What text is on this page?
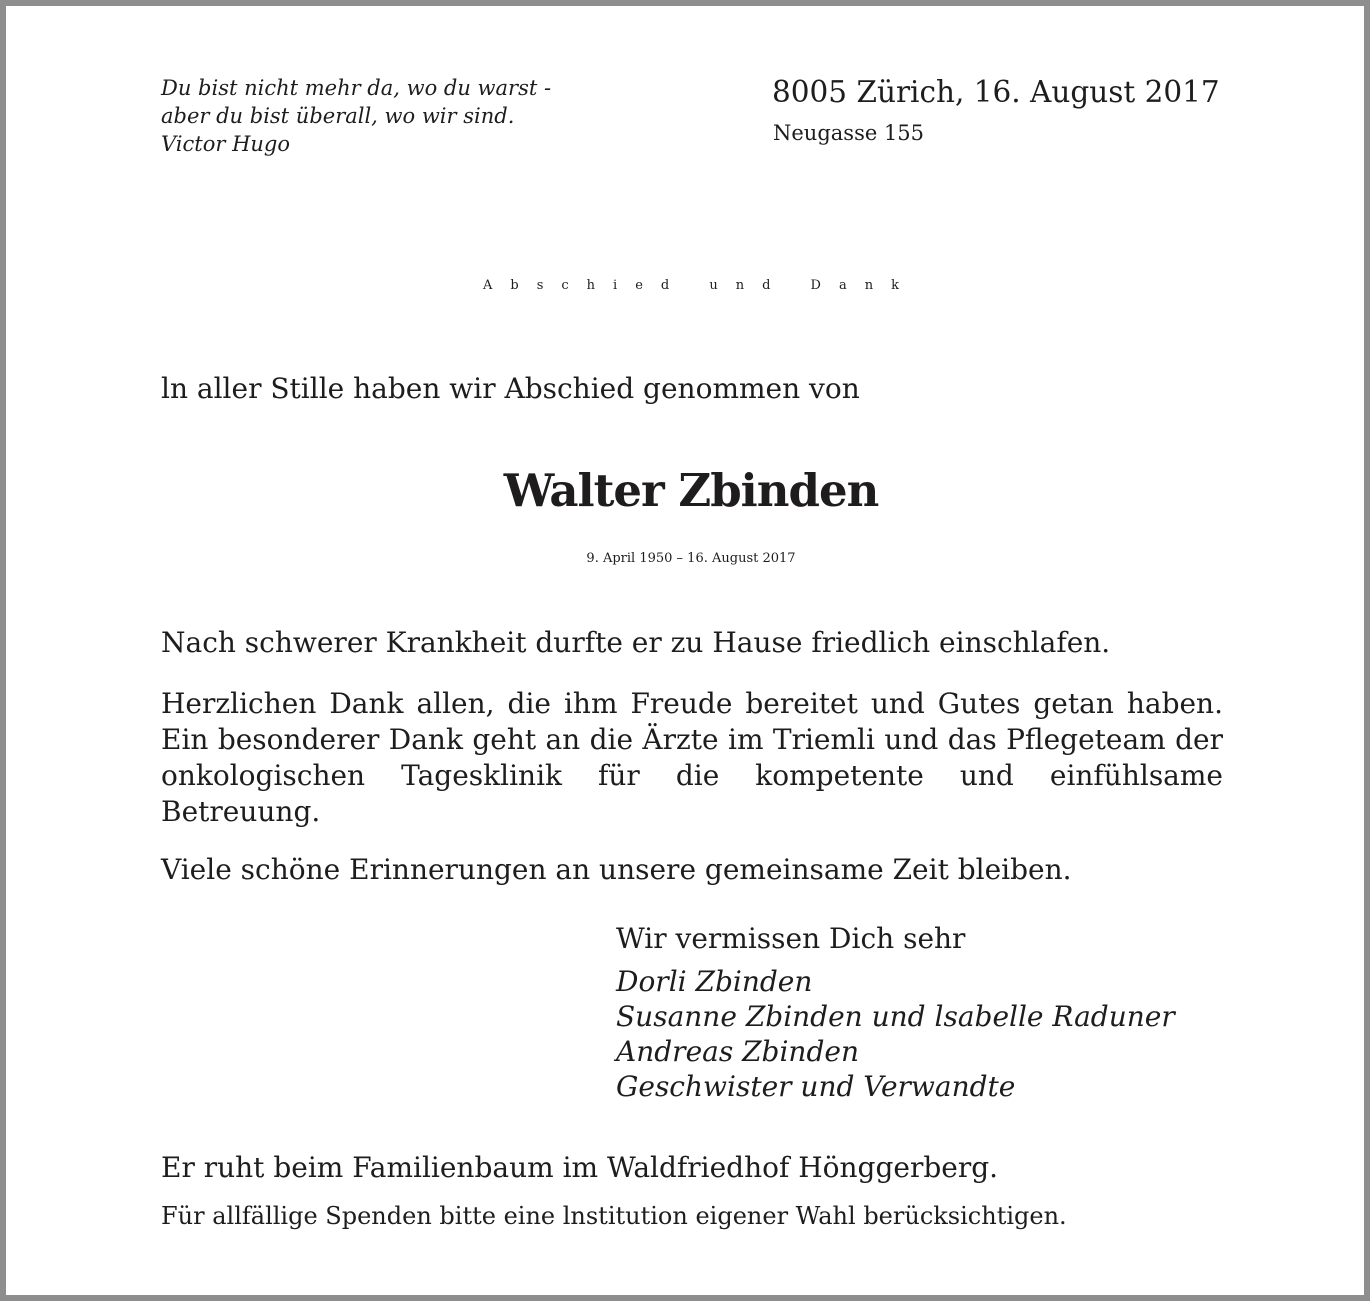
Du bist nicht mehr da, wo du warst -
aber du bist überall, wo wir sind.
Victor Hugo
8005 Zürich, 16. August 2017
Neugasse 155
Abschied und Dank
ln aller Stille haben wir Abschied genommen von
Walter Zbinden
9. April 1950 – 16. August 2017
Nach schwerer Krankheit durfte er zu Hause friedlich einschlafen.
Herzlichen Dank allen, die ihm Freude bereitet und Gutes getan haben. Ein besonderer Dank geht an die Ärzte im Triemli und das Pflegeteam der onkologischen Tagesklinik für die kompetente und einfühlsame Betreuung.
Viele schöne Erinnerungen an unsere gemeinsame Zeit bleiben.
Wir vermissen Dich sehr
Dorli Zbinden
Susanne Zbinden und lsabelle Raduner
Andreas Zbinden
Geschwister und Verwandte
Er ruht beim Familienbaum im Waldfriedhof Hönggerberg.
Für allfällige Spenden bitte eine lnstitution eigener Wahl berücksichtigen.
